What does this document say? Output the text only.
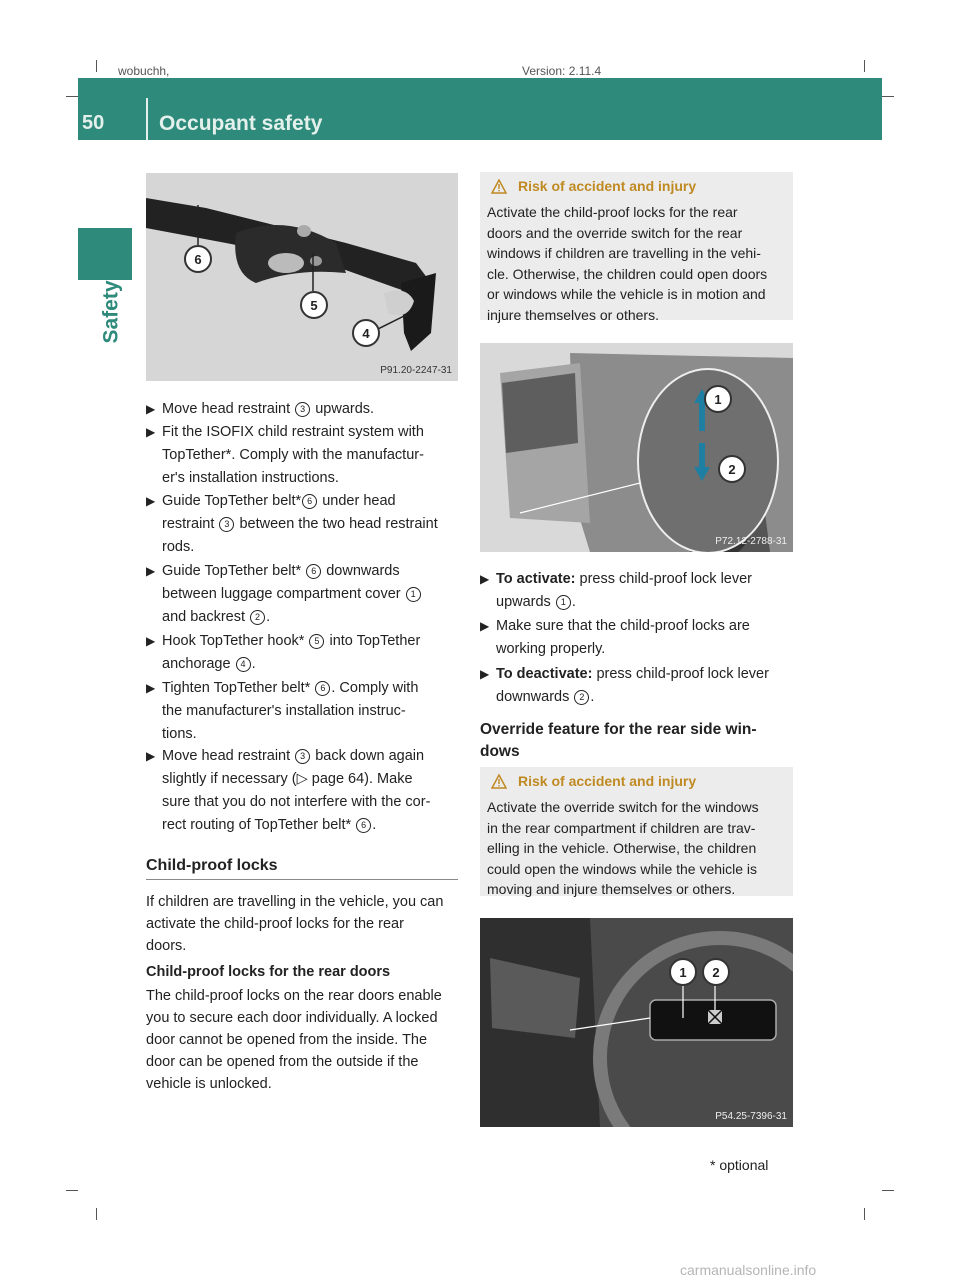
wobuchh,	Version: 2.11.4
50	Occupant safety
Safety
6
5
4
P91.20-2247-31
▶ Move head restraint 3 upwards.
▶ Fit the ISOFIX child restraint system with
TopTether*. Comply with the manufactur-
er's installation instructions.
▶ Guide TopTether belt* 6 under head
restraint 3 between the two head restraint
rods.
▶ Guide TopTether belt* 6 downwards
between luggage compartment cover 1
and backrest 2 .
▶ Hook TopTether hook* 5 into TopTether
anchorage 4 .
▶ Tighten TopTether belt* 6 . Comply with
the manufacturer's installation instruc-
tions.
▶ Move head restraint 3 back down again
slightly if necessary (▷ page 64). Make
sure that you do not interfere with the cor-
rect routing of TopTether belt* 6 .
Child-proof locks
If children are travelling in the vehicle, you can
activate the child-proof locks for the rear
doors.
Child-proof locks for the rear doors
The child-proof locks on the rear doors enable
you to secure each door individually. A locked
door cannot be opened from the inside. The
door can be opened from the outside if the
vehicle is unlocked.
Risk of accident and injury
Activate the child-proof locks for the rear
doors and the override switch for the rear
windows if children are travelling in the vehi-
cle. Otherwise, the children could open doors
or windows while the vehicle is in motion and
injure themselves or others.
1
2
P72.12-2788-31
▶ To activate: press child-proof lock lever
upwards 1 .
▶ Make sure that the child-proof locks are
working properly.
▶ To deactivate: press child-proof lock lever
downwards 2 .
Override feature for the rear side win-
dows
Risk of accident and injury
Activate the override switch for the windows
in the rear compartment if children are trav-
elling in the vehicle. Otherwise, the children
could open the windows while the vehicle is
moving and injure themselves or others.
1	2
P54.25-7396-31
* optional
carmanualsonline.info
